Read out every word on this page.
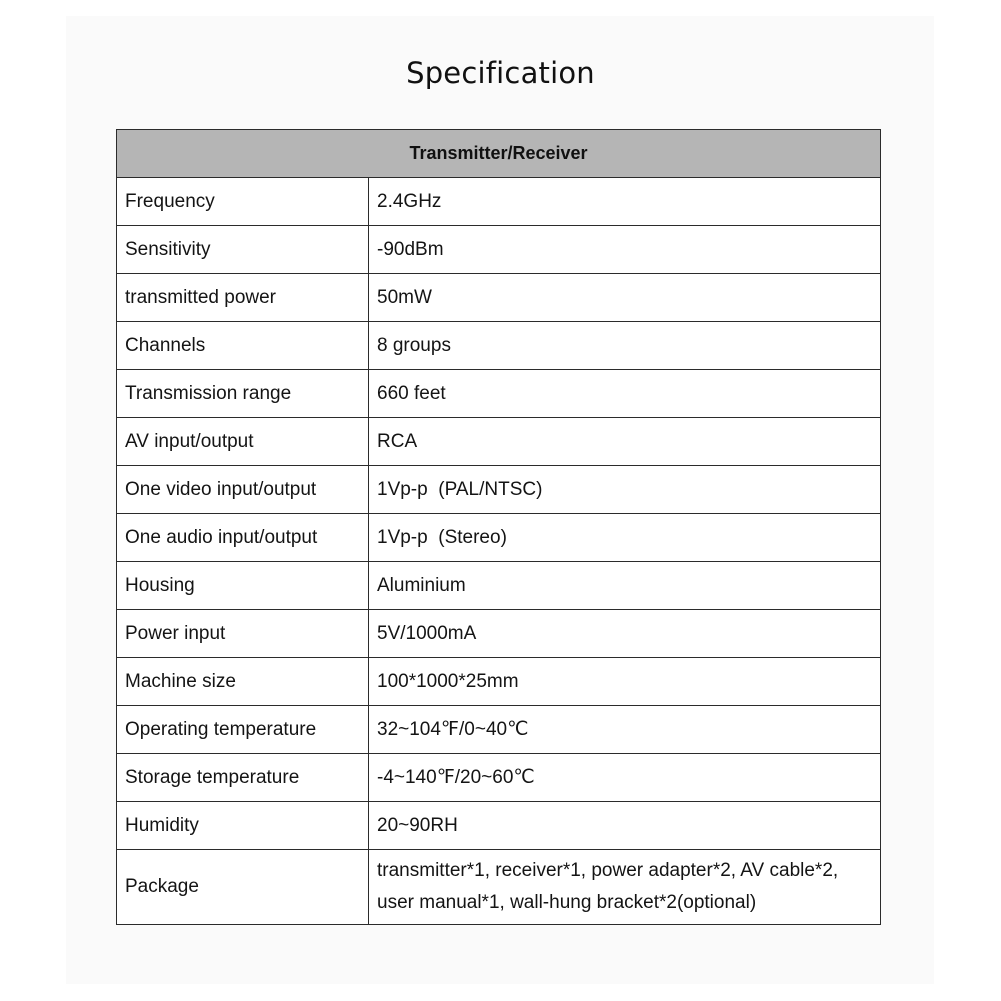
Specification
Transmitter/Receiver	
Frequency	2.4GHz
Sensitivity	-90dBm
transmitted power	50mW
Channels	8 groups
Transmission range	660 feet
AV input/output	RCA
One video input/output	1Vp-p  (PAL/NTSC)
One audio input/output	1Vp-p  (Stereo)
Housing	Aluminium
Power input	5V/1000mA
Machine size	100*1000*25mm
Operating temperature	32~104℉/0~40℃
Storage temperature	-4~140℉/20~60℃
Humidity	20~90RH
Package	transmitter*1, receiver*1, power adapter*2, AV cable*2,
user manual*1, wall-hung bracket*2(optional)
